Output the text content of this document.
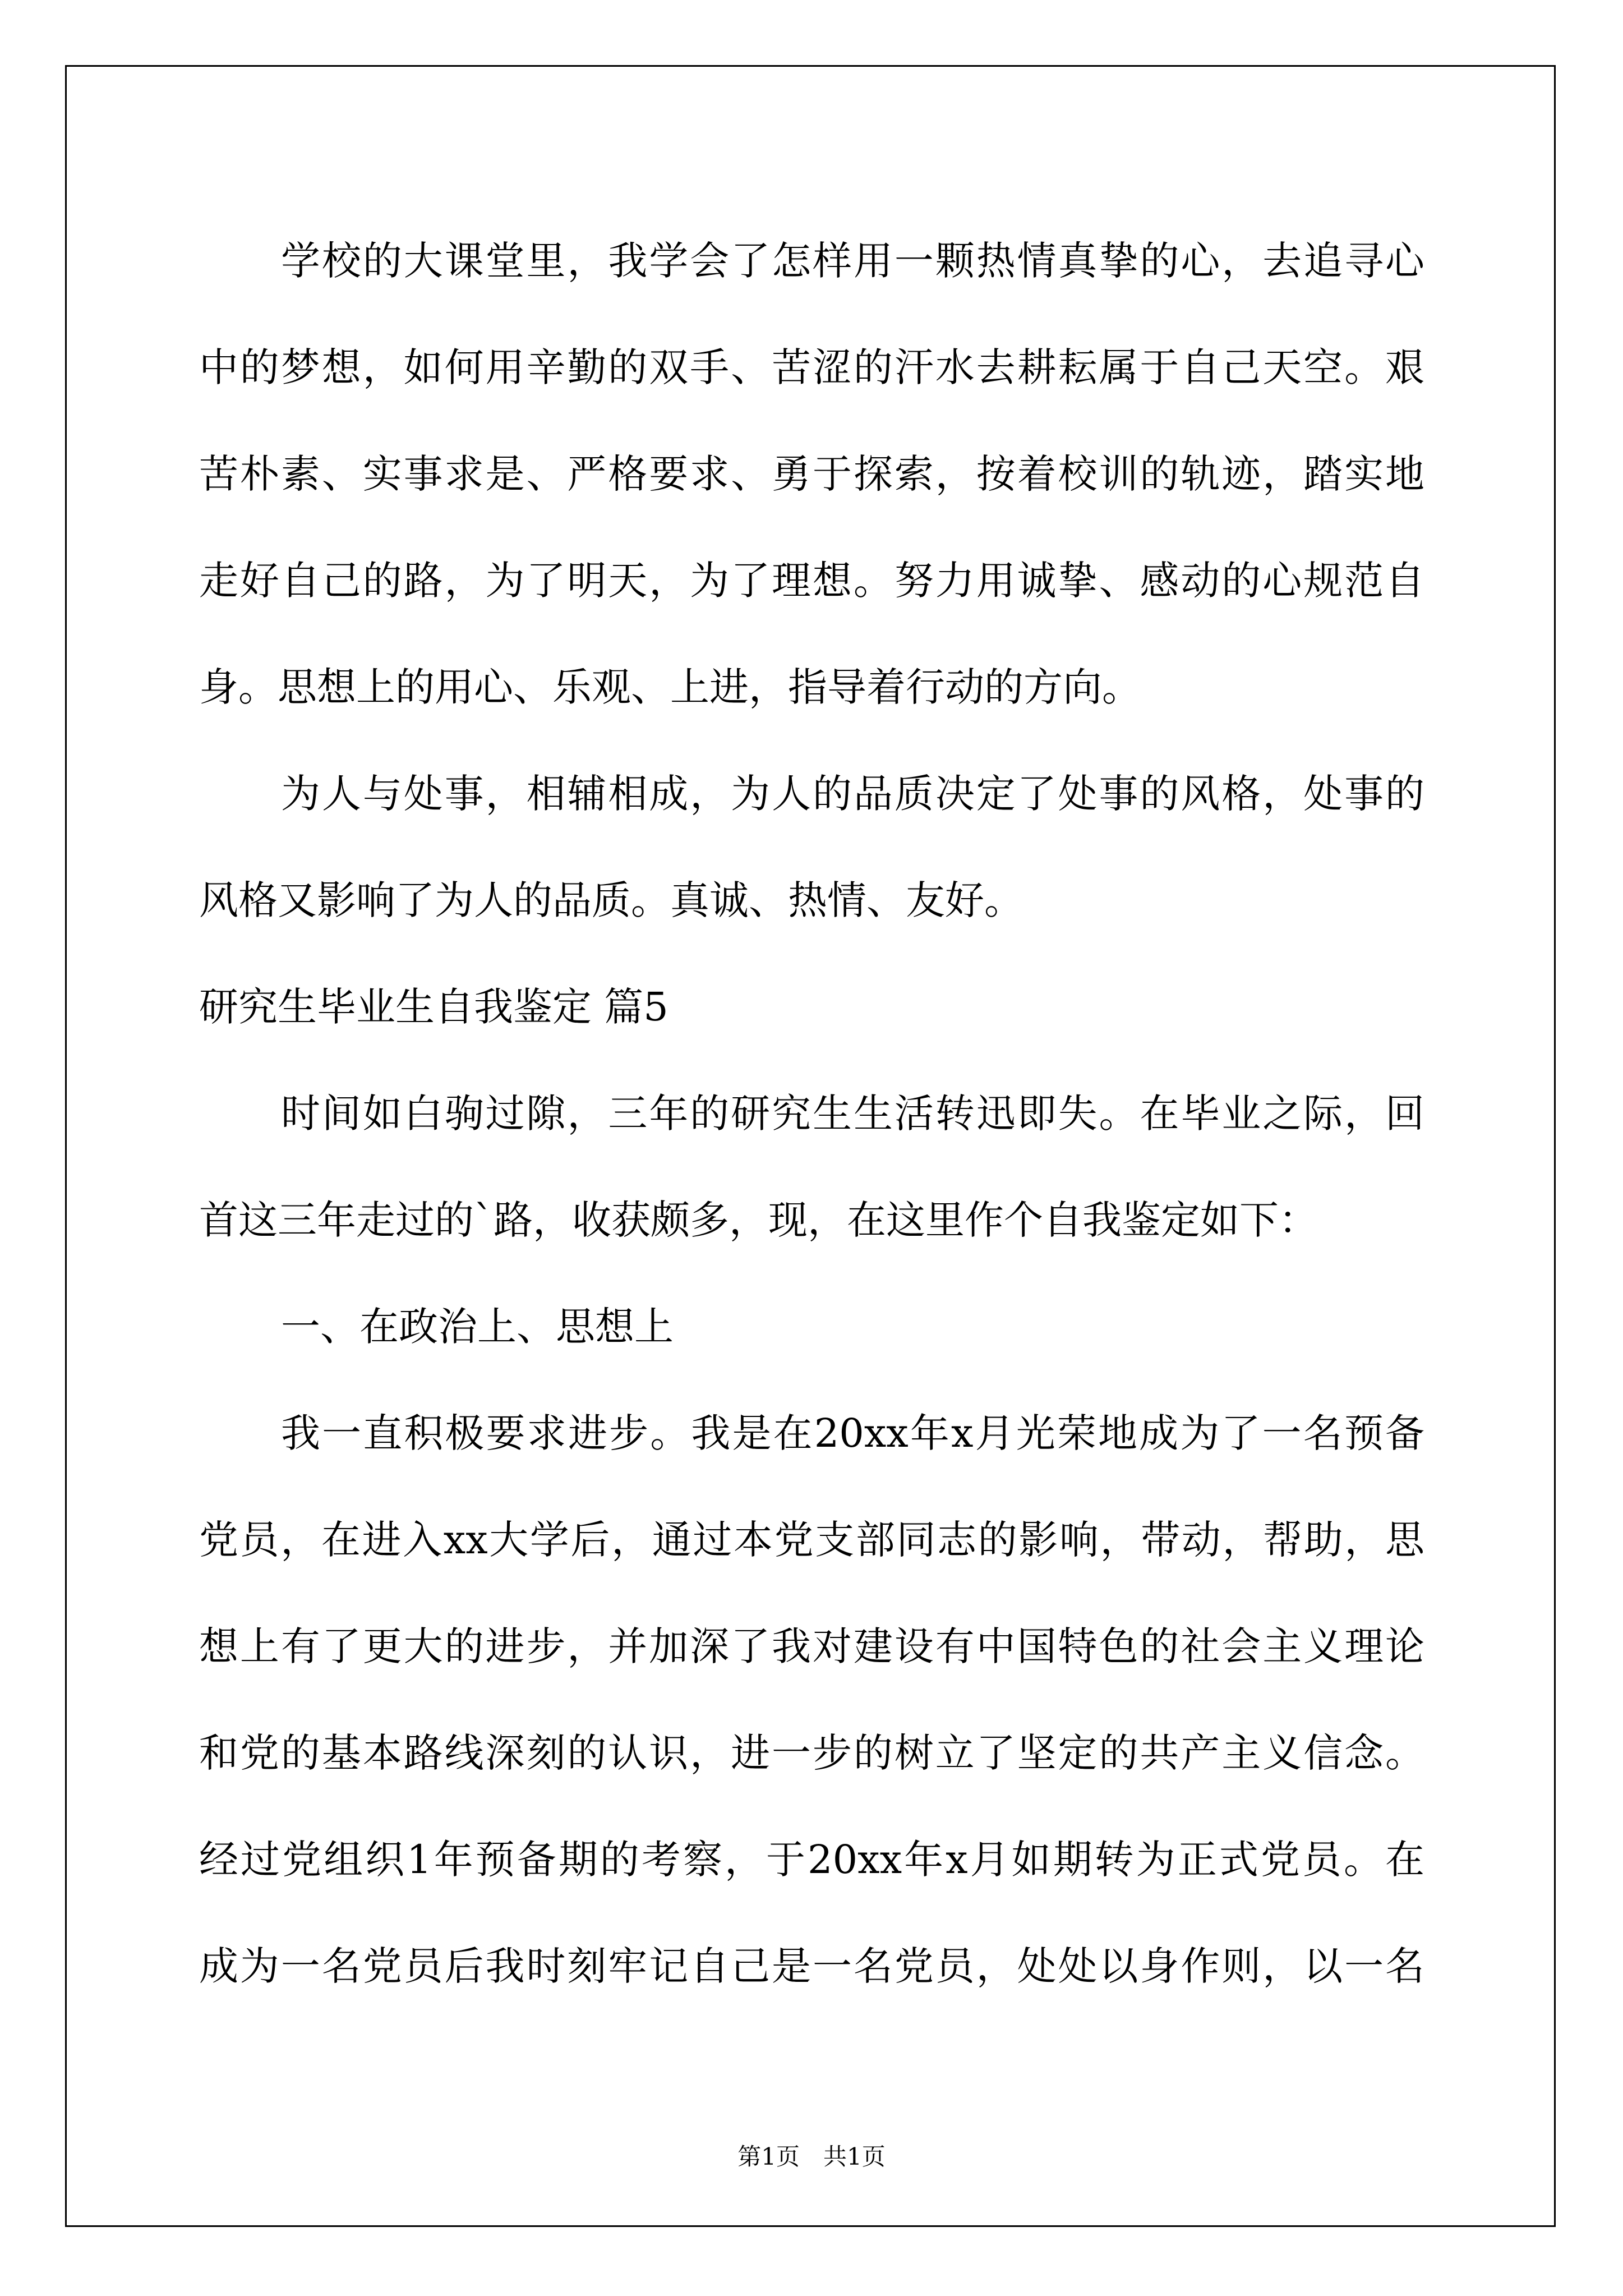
学校的大课堂里，我学会了怎样用一颗热情真挚的心，去追寻心
中的梦想，如何用辛勤的双手、苦涩的汗水去耕耘属于自己天空。艰
苦朴素、实事求是、严格要求、勇于探索，按着校训的轨迹，踏实地
走好自己的路，为了明天，为了理想。努力用诚挚、感动的心规范自
身。思想上的用心、乐观、上进，指导着行动的方向。
为人与处事，相辅相成，为人的品质决定了处事的风格，处事的
风格又影响了为人的品质。真诚、热情、友好。
研究生毕业生自我鉴定 篇5
时间如白驹过隙，三年的研究生生活转迅即失。在毕业之际，回
首这三年走过的`路，收获颇多，现，在这里作个自我鉴定如下：
一、在政治上、思想上
我一直积极要求进步。我是在20xx年x月光荣地成为了一名预备
党员，在进入xx大学后，通过本党支部同志的影响，带动，帮助，思
想上有了更大的进步，并加深了我对建设有中国特色的社会主义理论
和党的基本路线深刻的认识，进一步的树立了坚定的共产主义信念。
经过党组织1年预备期的考察，于20xx年x月如期转为正式党员。在
成为一名党员后我时刻牢记自己是一名党员，处处以身作则，以一名
第1页　共1页
